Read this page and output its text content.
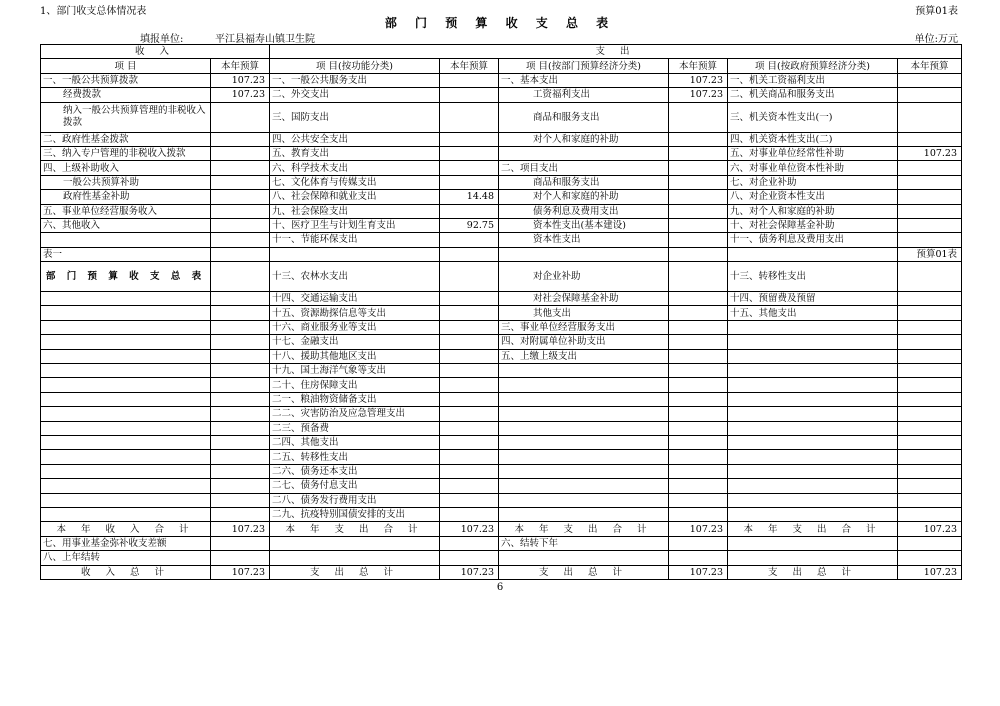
1、部门收支总体情况表	预算01表
部 门 预 算 收 支 总 表
填报单位:	平江县福寿山镇卫生院	单位:万元
收 入		支 出					
项 目	本年预算	项 目(按功能分类)	本年预算	项 目(按部门预算经济分类)	本年预算	项 目(按政府预算经济分类)	本年预算
一、一般公共预算拨款	107.23	一、一般公共服务支出		一、基本支出	107.23	一、机关工资福利支出	
经费拨款	107.23	二、外交支出		工资福利支出	107.23	二、机关商品和服务支出	
纳入一般公共预算管理的非税收入拨款		三、国防支出		商品和服务支出		三、机关资本性支出(一)	
二、政府性基金拨款		四、公共安全支出		对个人和家庭的补助		四、机关资本性支出(二)	
三、纳入专户管理的非税收入拨款		五、教育支出				五、对事业单位经常性补助	107.23
四、上级补助收入		六、科学技术支出		二、项目支出		六、对事业单位资本性补助	
一般公共预算补助		七、文化体育与传媒支出		商品和服务支出		七、对企业补助	
政府性基金补助		八、社会保障和就业支出	14.48	对个人和家庭的补助		八、对企业资本性支出	
五、事业单位经营服务收入		九、社会保险支出		债务利息及费用支出		九、对个人和家庭的补助	
六、其他收入		十、医疗卫生与计划生育支出	92.75	资本性支出(基本建设)		十、对社会保障基金补助	
		十一、节能环保支出		资本性支出		十一、债务利息及费用支出	
表一							预算01表
部 门 预 算 收 支 总 表		十三、农林水支出		对企业补助		十三、转移性支出	
		十四、交通运输支出		对社会保障基金补助		十四、预留费及预留	
		十五、资源勘探信息等支出		其他支出		十五、其他支出	
		十六、商业服务业等支出		三、事业单位经营服务支出			
		十七、金融支出		四、对附属单位补助支出			
		十八、援助其他地区支出		五、上缴上级支出			
		十九、国土海洋气象等支出					
		二十、住房保障支出					
		二一、粮油物资储备支出					
		二二、灾害防治及应急管理支出					
		二三、预备费					
		二四、其他支出					
		二五、转移性支出					
		二六、债务还本支出					
		二七、债务付息支出					
		二八、债务发行费用支出					
		二九、抗疫特别国债安排的支出					
本 年 收 入 合 计	107.23	本 年 支 出 合 计	107.23	本 年 支 出 合 计	107.23	本 年 支 出 合 计	107.23
七、用事业基金弥补收支差额				六、结转下年			
八、上年结转							
收 入 总 计	107.23	支 出 总 计	107.23	支 出 总 计	107.23	支 出 总 计	107.23
6
